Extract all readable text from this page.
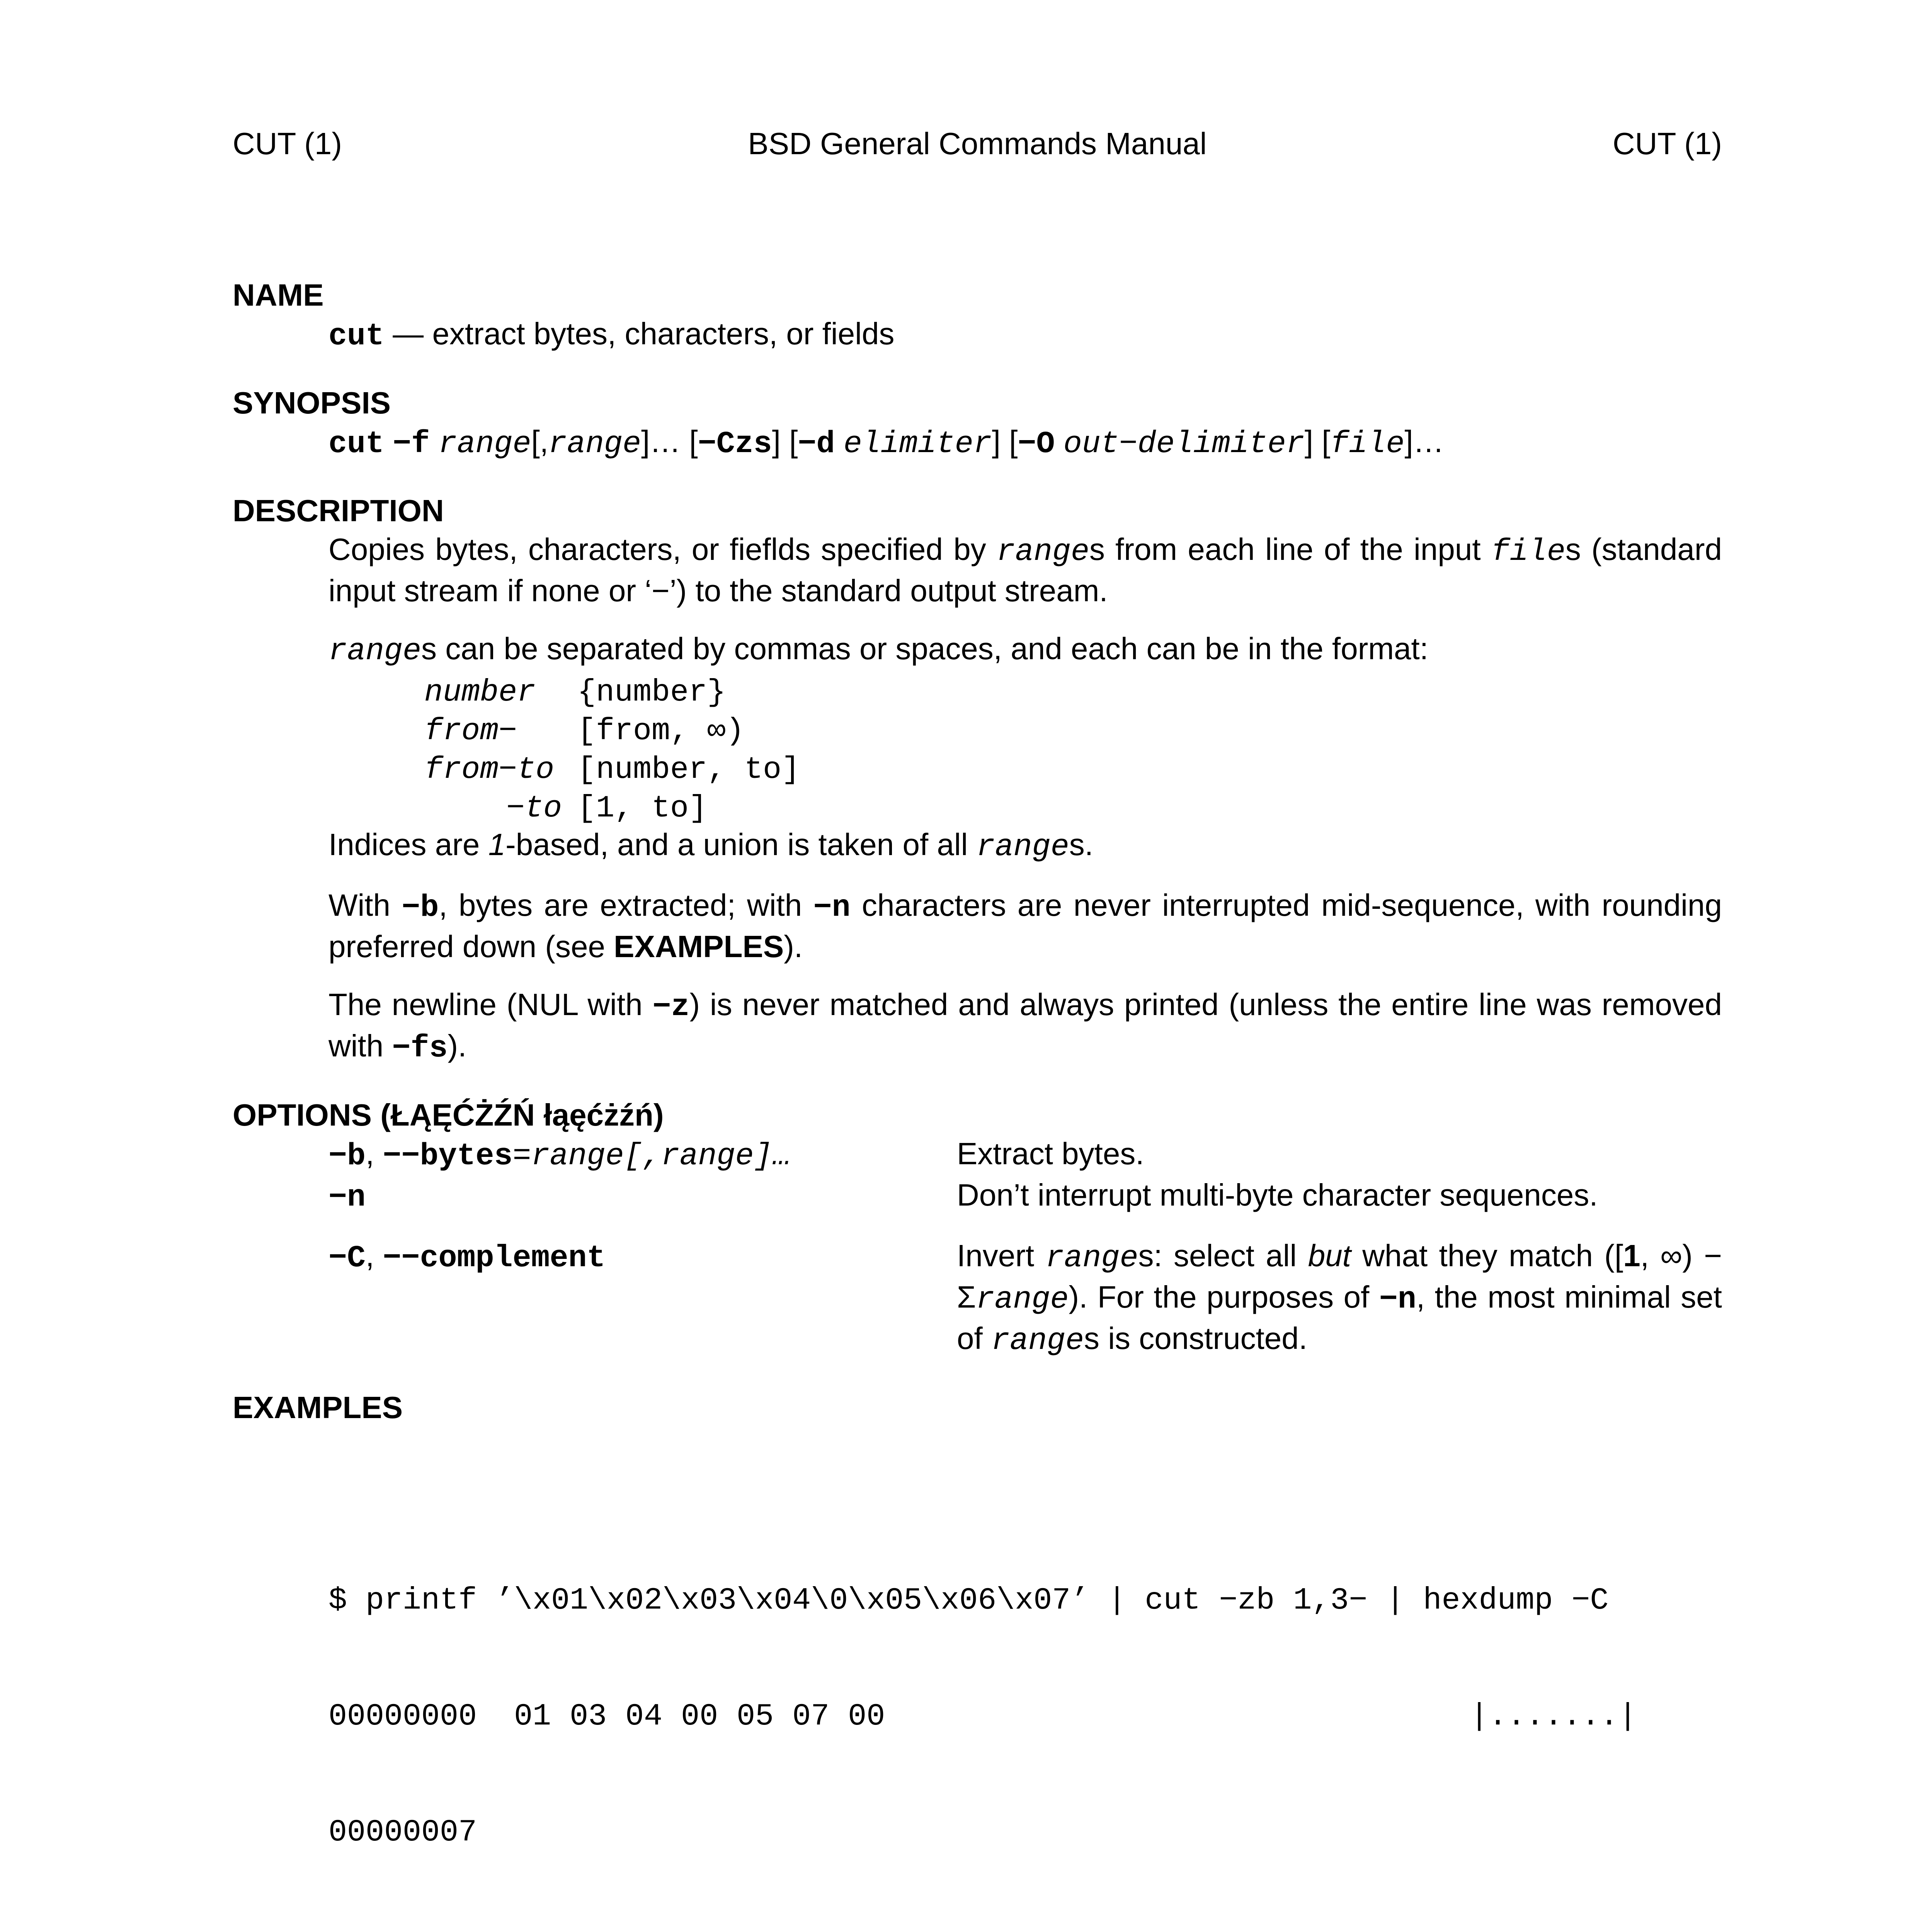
CUT (1)	BSD General Commands Manual	CUT (1)

NAME

cut — extract bytes, characters, or fields

SYNOPSIS

cut −f range[,range]… [−Czs] [−d elimiter] [−O out−delimiter] [file]…

DESCRIPTION

Copies bytes, characters, or fieflds specified by ranges from each line of the input files (standard input stream if none or ‘−’) to the standard output stream.

ranges can be separated by commas or spaces, and each can be in the format:

number {number}
from− [from, ∞)
from−to [number, to]
−to [1, to]

Indices are 1-based, and a union is taken of all ranges.

With −b, bytes are extracted; with −n characters are never interrupted mid-sequence, with rounding preferred down (see EXAMPLES).

The newline (NUL with −z) is never matched and always printed (unless the entire line was removed with −fs).

OPTIONS (ŁĄĘĆŻŹŃ łąęćżźń)

−b, −−bytes=range[,range]…	Extract bytes.
−n	Don’t interrupt multi-byte character sequences.
−C, −−complement	Invert ranges: select all but what they match ([1, ∞) − Σrange). For the purposes of −n, the most minimal set of ranges is constructed.

EXAMPLES

$ printf ’\x01\x02\x03\x04\0\x05\x06\x07’ | cut −zb 1,3− | hexdump −C

00000000  01 03 04 00 05 07 00	|.......|

00000007
